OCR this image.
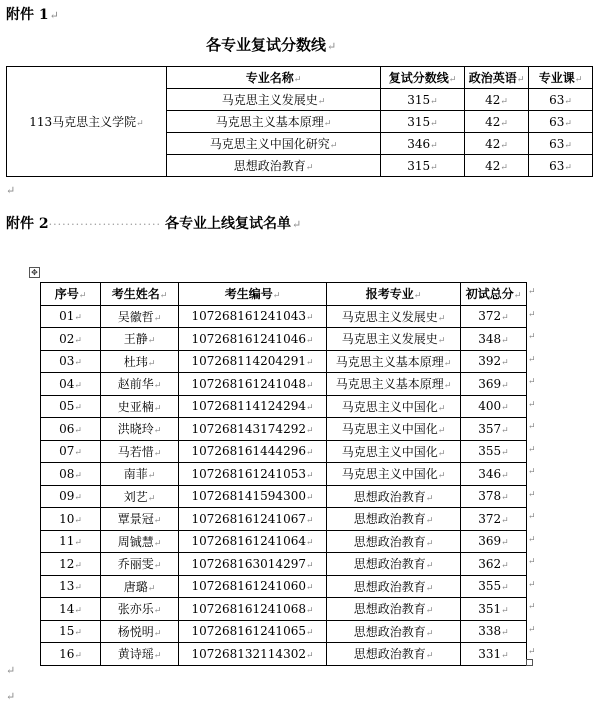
附件 1↵
各专业复试分数线↵
113马克思主义学院↵	专业名称↵	复试分数线↵	政治英语↵	专业课↵
	马克思主义发展史↵	315↵	42↵	63↵
	马克思主义基本原理↵	315↵	42↵	63↵
	马克思主义中国化研究↵	346↵	42↵	63↵
	思想政治教育↵	315↵	42↵	63↵
↵
附件 2························· 各专业上线复试名单↵
✥
序号↵	考生姓名↵	考生编号↵	报考专业↵	初试总分↵
01↵	吴徽哲↵	107268161241043↵	马克思主义发展史↵	372↵
02↵	王静↵	107268161241046↵	马克思主义发展史↵	348↵
03↵	杜玮↵	107268114204291↵	马克思主义基本原理↵	392↵
04↵	赵前华↵	107268161241048↵	马克思主义基本原理↵	369↵
05↵	史亚楠↵	107268114124294↵	马克思主义中国化↵	400↵
06↵	洪晓玲↵	107268143174292↵	马克思主义中国化↵	357↵
07↵	马若惜↵	107268161444296↵	马克思主义中国化↵	355↵
08↵	南菲↵	107268161241053↵	马克思主义中国化↵	346↵
09↵	刘艺↵	107268141594300↵	思想政治教育↵	378↵
10↵	覃景冠↵	107268161241067↵	思想政治教育↵	372↵
11↵	周铖慧↵	107268161241064↵	思想政治教育↵	369↵
12↵	乔丽雯↵	107268163014297↵	思想政治教育↵	362↵
13↵	唐璐↵	107268161241060↵	思想政治教育↵	355↵
14↵	张亦乐↵	107268161241068↵	思想政治教育↵	351↵
15↵	杨悦明↵	107268161241065↵	思想政治教育↵	338↵
16↵	黄诗瑶↵	107268132114302↵	思想政治教育↵	331↵
↵
↵
↵
↵
↵
↵
↵
↵
↵
↵
↵
↵
↵
↵
↵
↵
↵
↵
↵
